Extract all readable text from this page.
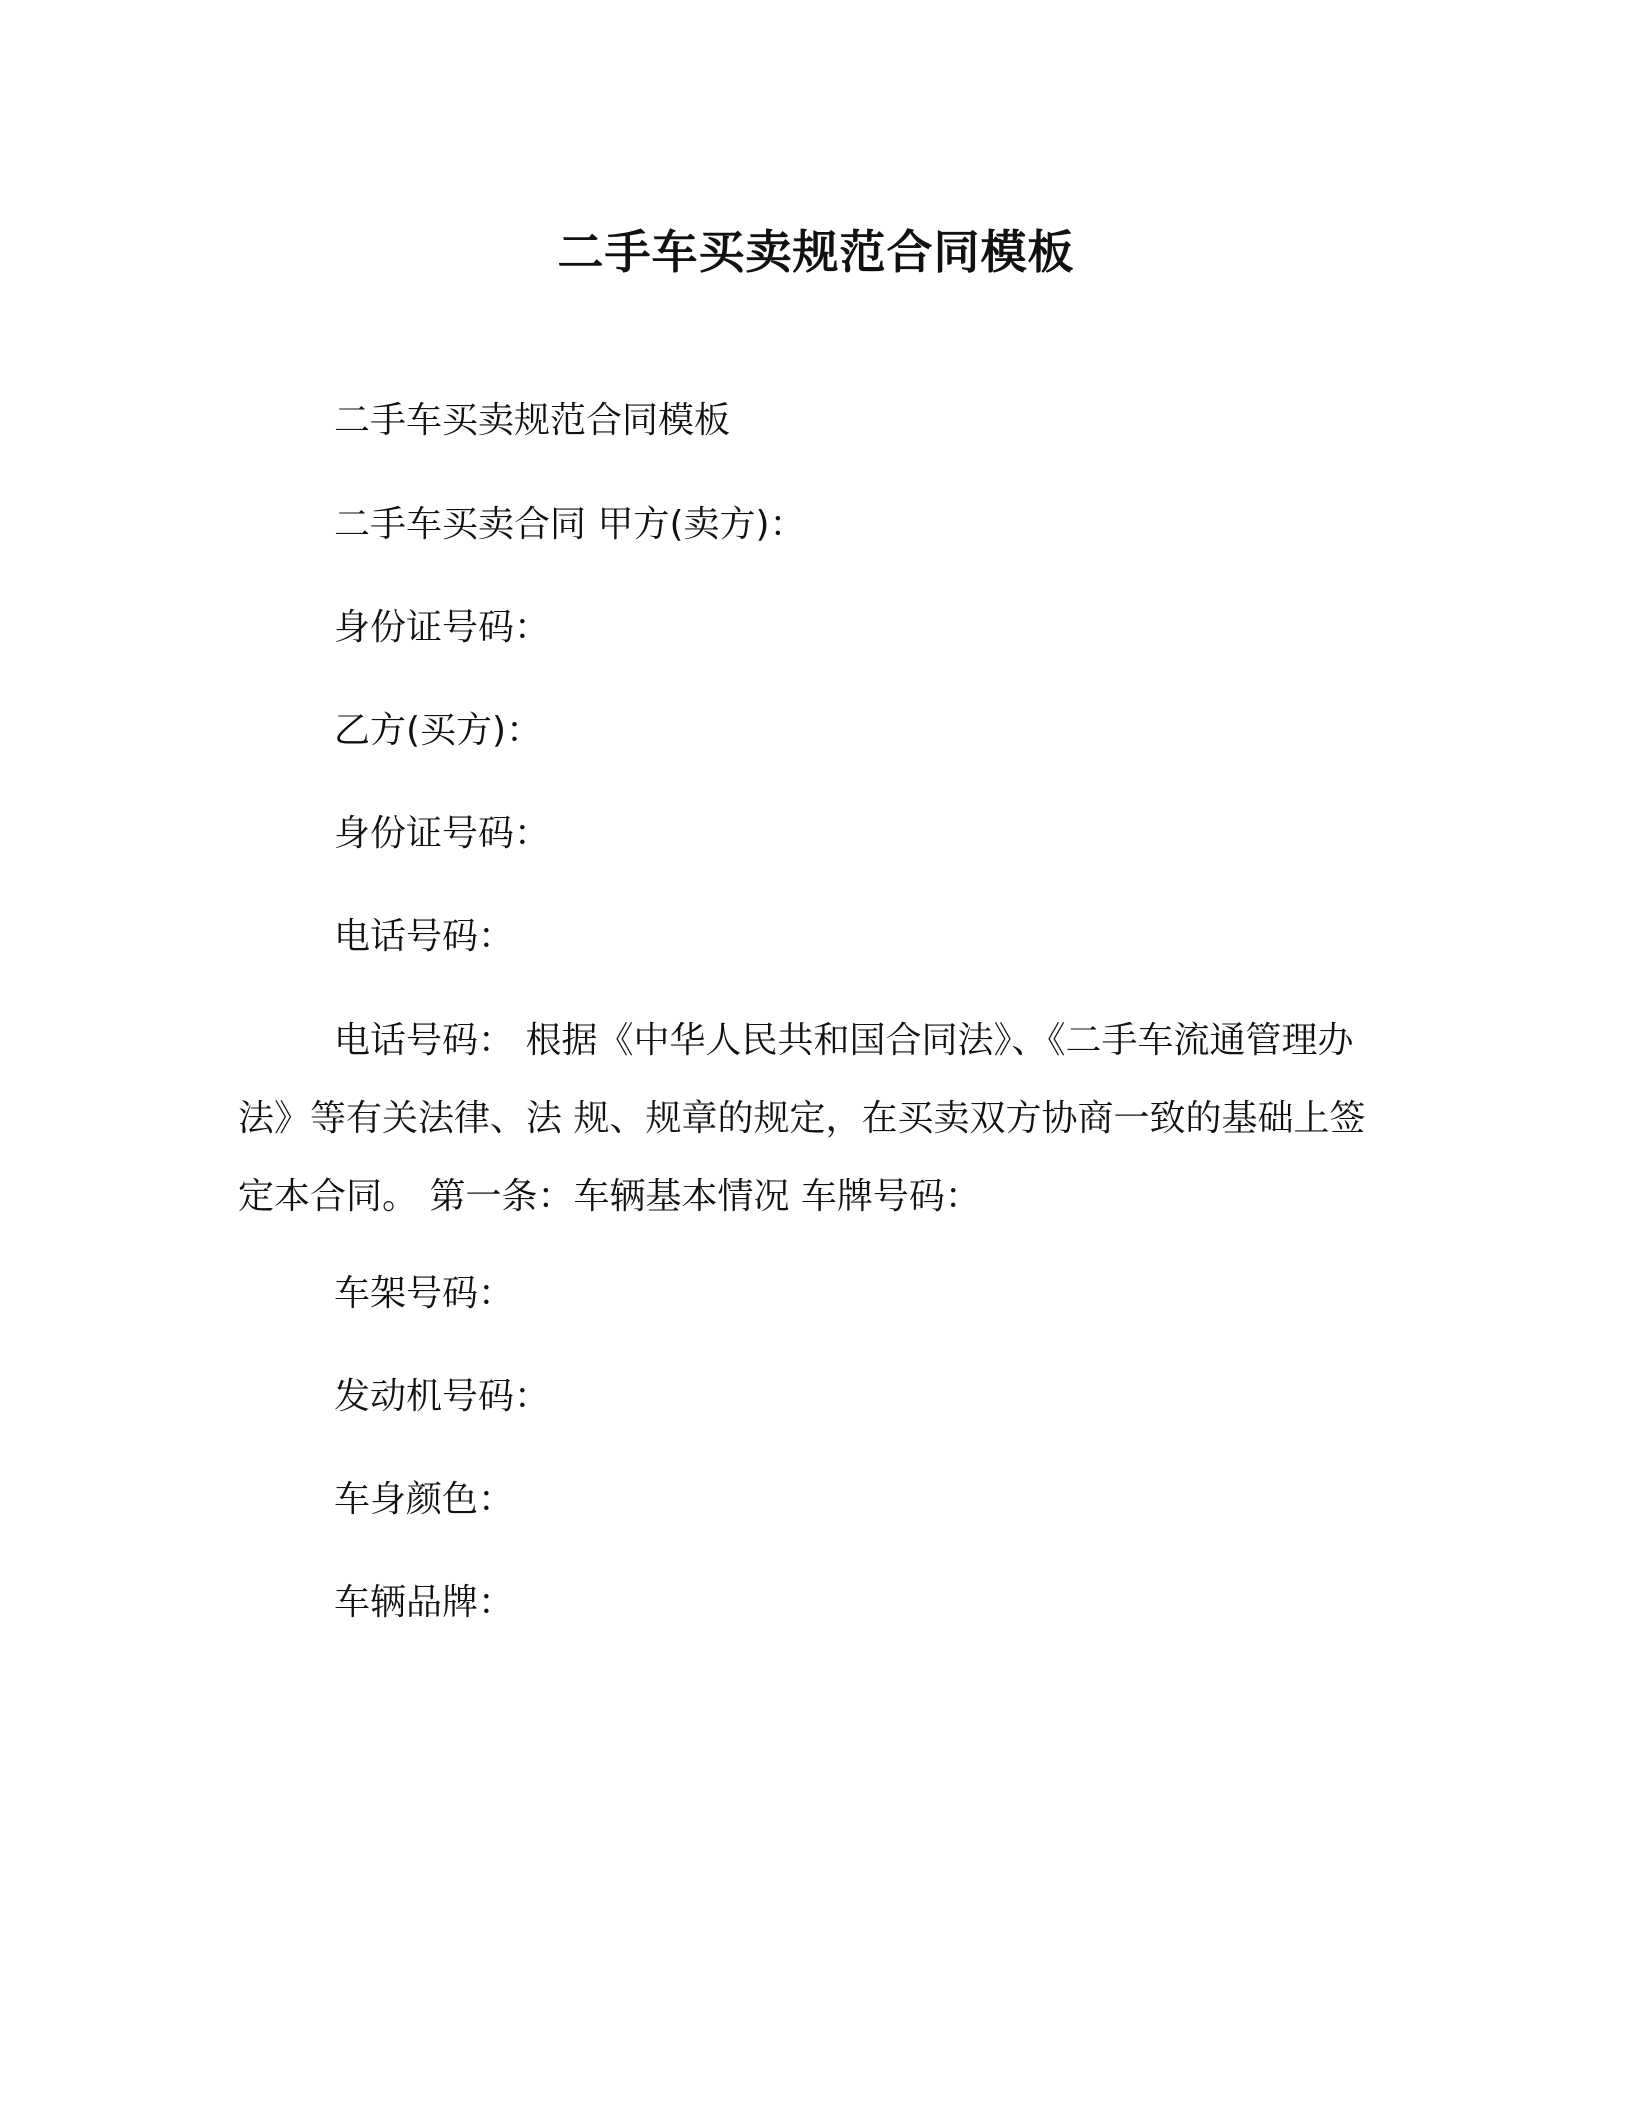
二手车买卖规范合同模板

二手车买卖规范合同模板

二手车买卖合同 甲方(卖方)：

身份证号码：

乙方(买方)：

身份证号码：

电话号码：

电话号码： 根据《中华人民共和国合同法》、《二手车流通管理办法》等有关法律、法 规、规章的规定，在买卖双方协商一致的基础上签定本合同。 第一条：车辆基本情况 车牌号码：

车架号码：

发动机号码：

车身颜色：

车辆品牌：
